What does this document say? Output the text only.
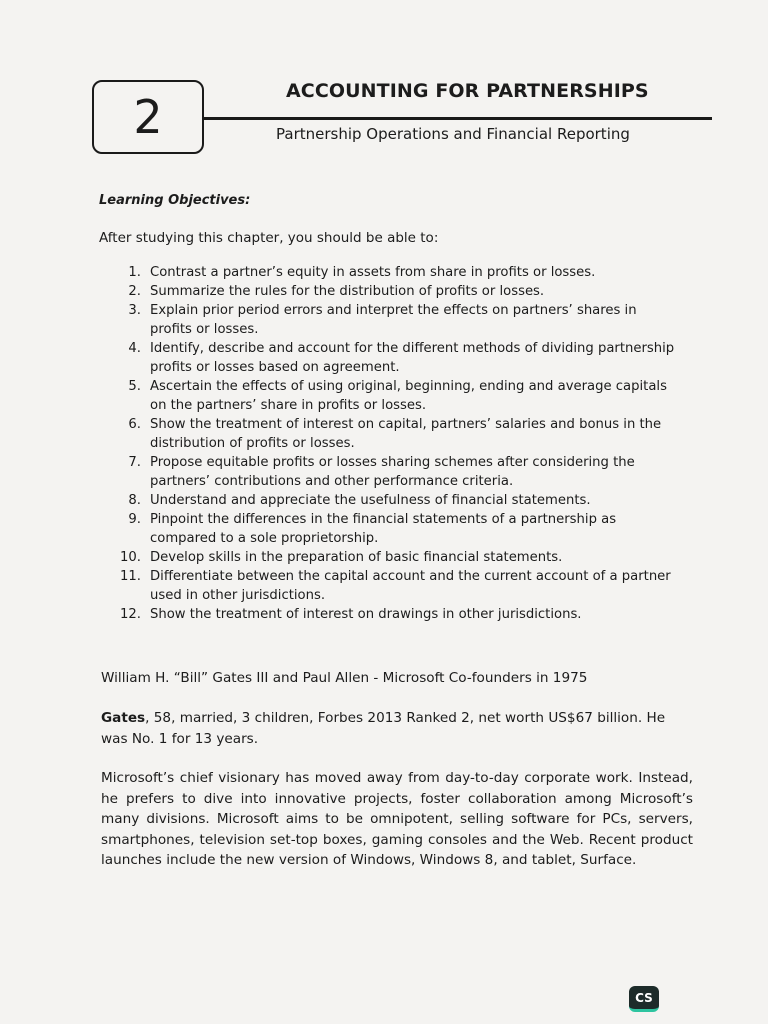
2	ACCOUNTING FOR PARTNERSHIPS
Partnership Operations and Financial Reporting
Learning Objectives:
After studying this chapter, you should be able to:
1. Contrast a partner’s equity in assets from share in profits or losses.
2. Summarize the rules for the distribution of profits or losses.
3. Explain prior period errors and interpret the effects on partners’ shares in profits or losses.
4. Identify, describe and account for the different methods of dividing partnership profits or losses based on agreement.
5. Ascertain the effects of using original, beginning, ending and average capitals on the partners’ share in profits or losses.
6. Show the treatment of interest on capital, partners’ salaries and bonus in the distribution of profits or losses.
7. Propose equitable profits or losses sharing schemes after considering the partners’ contributions and other performance criteria.
8. Understand and appreciate the usefulness of financial statements.
9. Pinpoint the differences in the financial statements of a partnership as compared to a sole proprietorship.
10. Develop skills in the preparation of basic financial statements.
11. Differentiate between the capital account and the current account of a partner used in other jurisdictions.
12. Show the treatment of interest on drawings in other jurisdictions.

William H. “Bill” Gates III and Paul Allen - Microsoft Co-founders in 1975

Gates, 58, married, 3 children, Forbes 2013 Ranked 2, net worth US$67 billion. He was No. 1 for 13 years.

Microsoft’s chief visionary has moved away from day-to-day corporate work. Instead, he prefers to dive into innovative projects, foster collaboration among Microsoft’s many divisions. Microsoft aims to be omnipotent, selling software for PCs, servers, smartphones, television set-top boxes, gaming consoles and the Web. Recent product launches include the new version of Windows, Windows 8, and tablet, Surface.

CS
